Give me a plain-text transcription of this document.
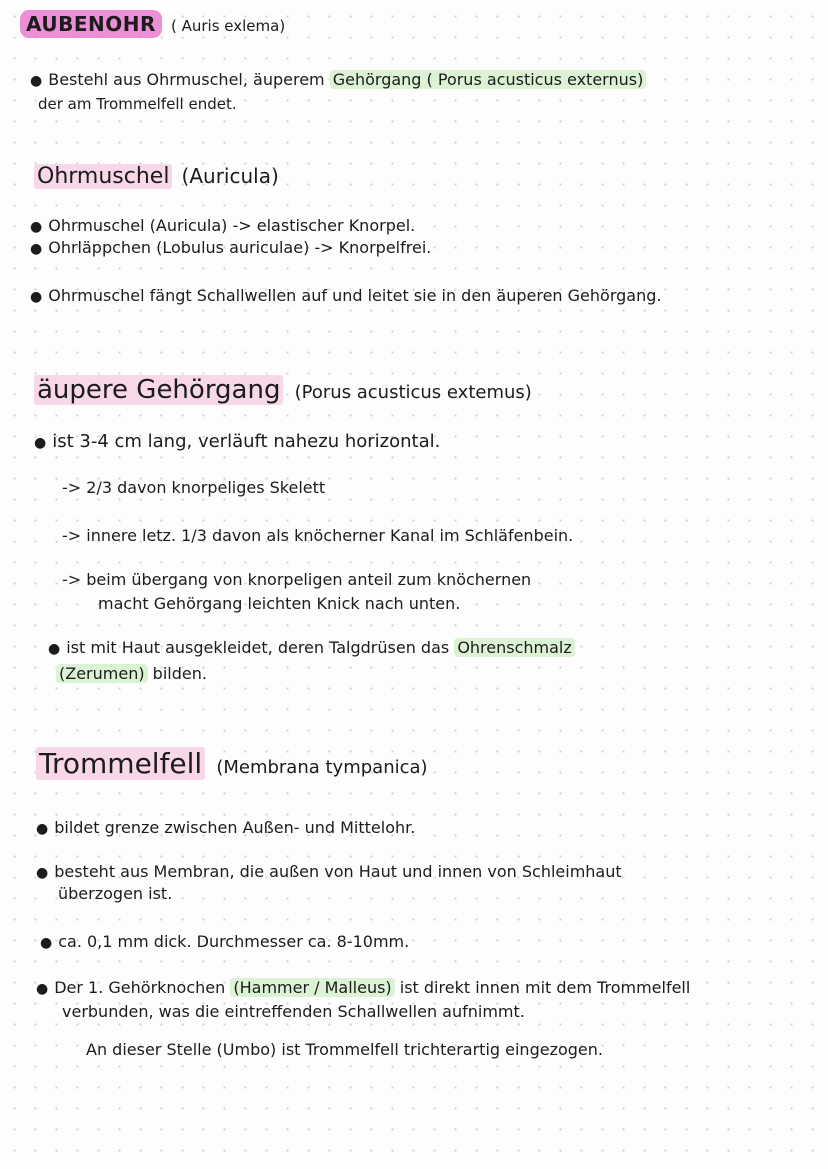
AUBENOHR ( Auris exlema)
● Bestehl aus Ohrmuschel, äuperem Gehörgang ( Porus acusticus externus)
der am Trommelfell endet.
Ohrmuschel (Auricula)
● Ohrmuschel (Auricula) -> elastischer Knorpel.
● Ohrläppchen (Lobulus auriculae) -> Knorpelfrei.
● Ohrmuschel fängt Schallwellen auf und leitet sie in den äuperen Gehörgang.
äupere Gehörgang (Porus acusticus extemus)
● ist 3-4 cm lang, verläuft nahezu horizontal.
-> 2/3 davon knorpeliges Skelett
-> innere letz. 1/3 davon als knöcherner Kanal im Schläfenbein.
-> beim übergang von knorpeligen anteil zum knöchernen
macht Gehörgang leichten Knick nach unten.
● ist mit Haut ausgekleidet, deren Talgdrüsen das Ohrenschmalz
(Zerumen) bilden.
Trommelfell (Membrana tympanica)
● bildet grenze zwischen Außen- und Mittelohr.
● besteht aus Membran, die außen von Haut und innen von Schleimhaut
überzogen ist.
● ca. 0,1 mm dick. Durchmesser ca. 8-10mm.
● Der 1. Gehörknochen (Hammer / Malleus) ist direkt innen mit dem Trommelfell
verbunden, was die eintreffenden Schallwellen aufnimmt.
An dieser Stelle (Umbo) ist Trommelfell trichterartig eingezogen.
